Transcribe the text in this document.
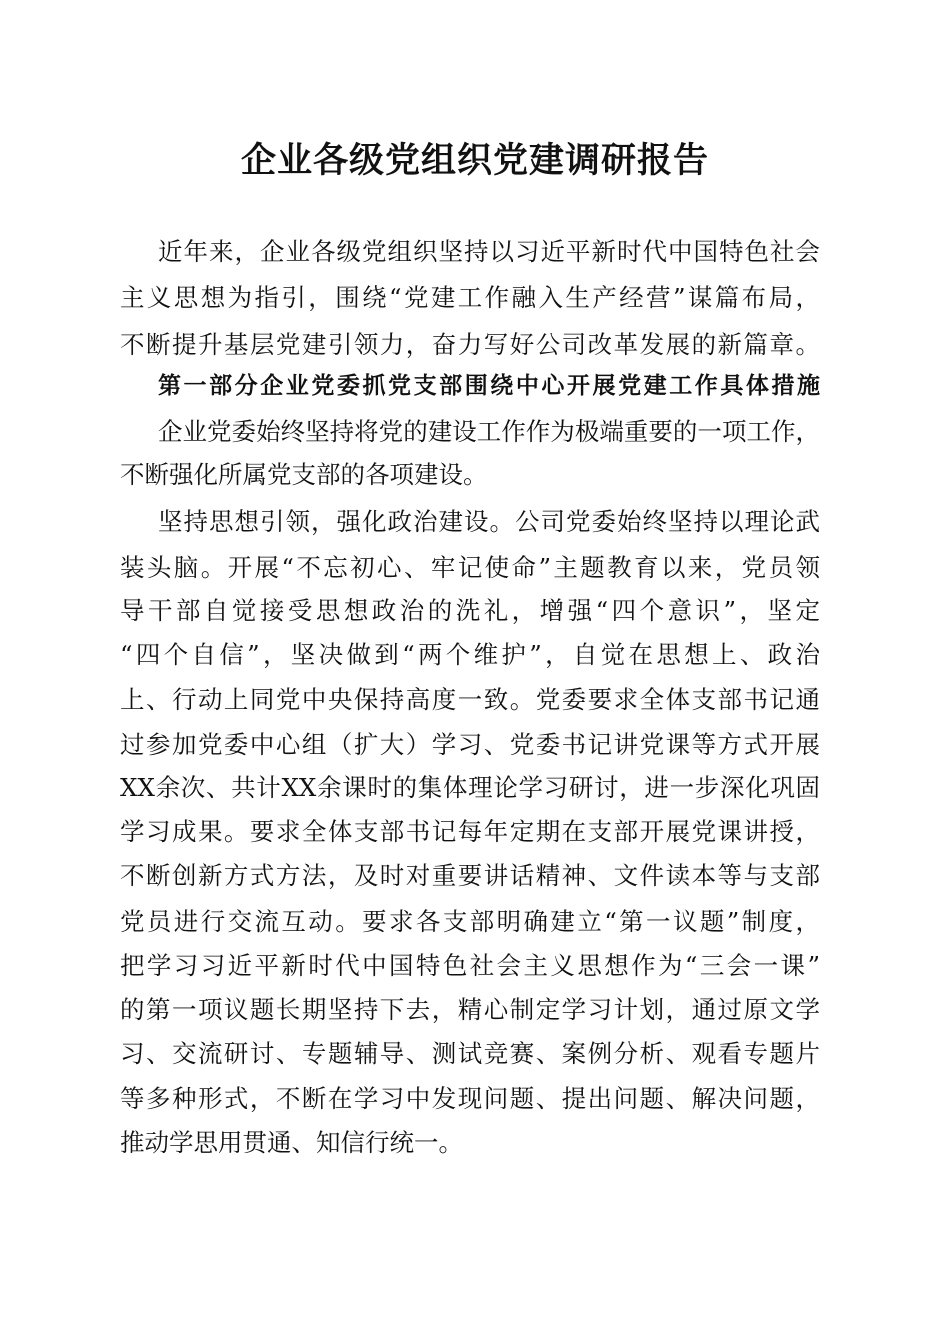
企业各级党组织党建调研报告

近年来，企业各级党组织坚持以习近平新时代中国特色社会

主义思想为指引，围绕“党建工作融入生产经营”谋篇布局，

不断提升基层党建引领力，奋力写好公司改革发展的新篇章。

第一部分企业党委抓党支部围绕中心开展党建工作具体措施

企业党委始终坚持将党的建设工作作为极端重要的一项工作，

不断强化所属党支部的各项建设。

坚持思想引领，强化政治建设。公司党委始终坚持以理论武

装头脑。开展“不忘初心、牢记使命”主题教育以来，党员领

导干部自觉接受思想政治的洗礼，增强“四个意识”，坚定

“四个自信”，坚决做到“两个维护”，自觉在思想上、政治

上、行动上同党中央保持高度一致。党委要求全体支部书记通

过参加党委中心组（扩大）学习、党委书记讲党课等方式开展

XX余次、共计XX余课时的集体理论学习研讨，进一步深化巩固

学习成果。要求全体支部书记每年定期在支部开展党课讲授，

不断创新方式方法，及时对重要讲话精神、文件读本等与支部

党员进行交流互动。要求各支部明确建立“第一议题”制度，

把学习习近平新时代中国特色社会主义思想作为“三会一课”

的第一项议题长期坚持下去，精心制定学习计划，通过原文学

习、交流研讨、专题辅导、测试竞赛、案例分析、观看专题片

等多种形式，不断在学习中发现问题、提出问题、解决问题，

推动学思用贯通、知信行统一。
